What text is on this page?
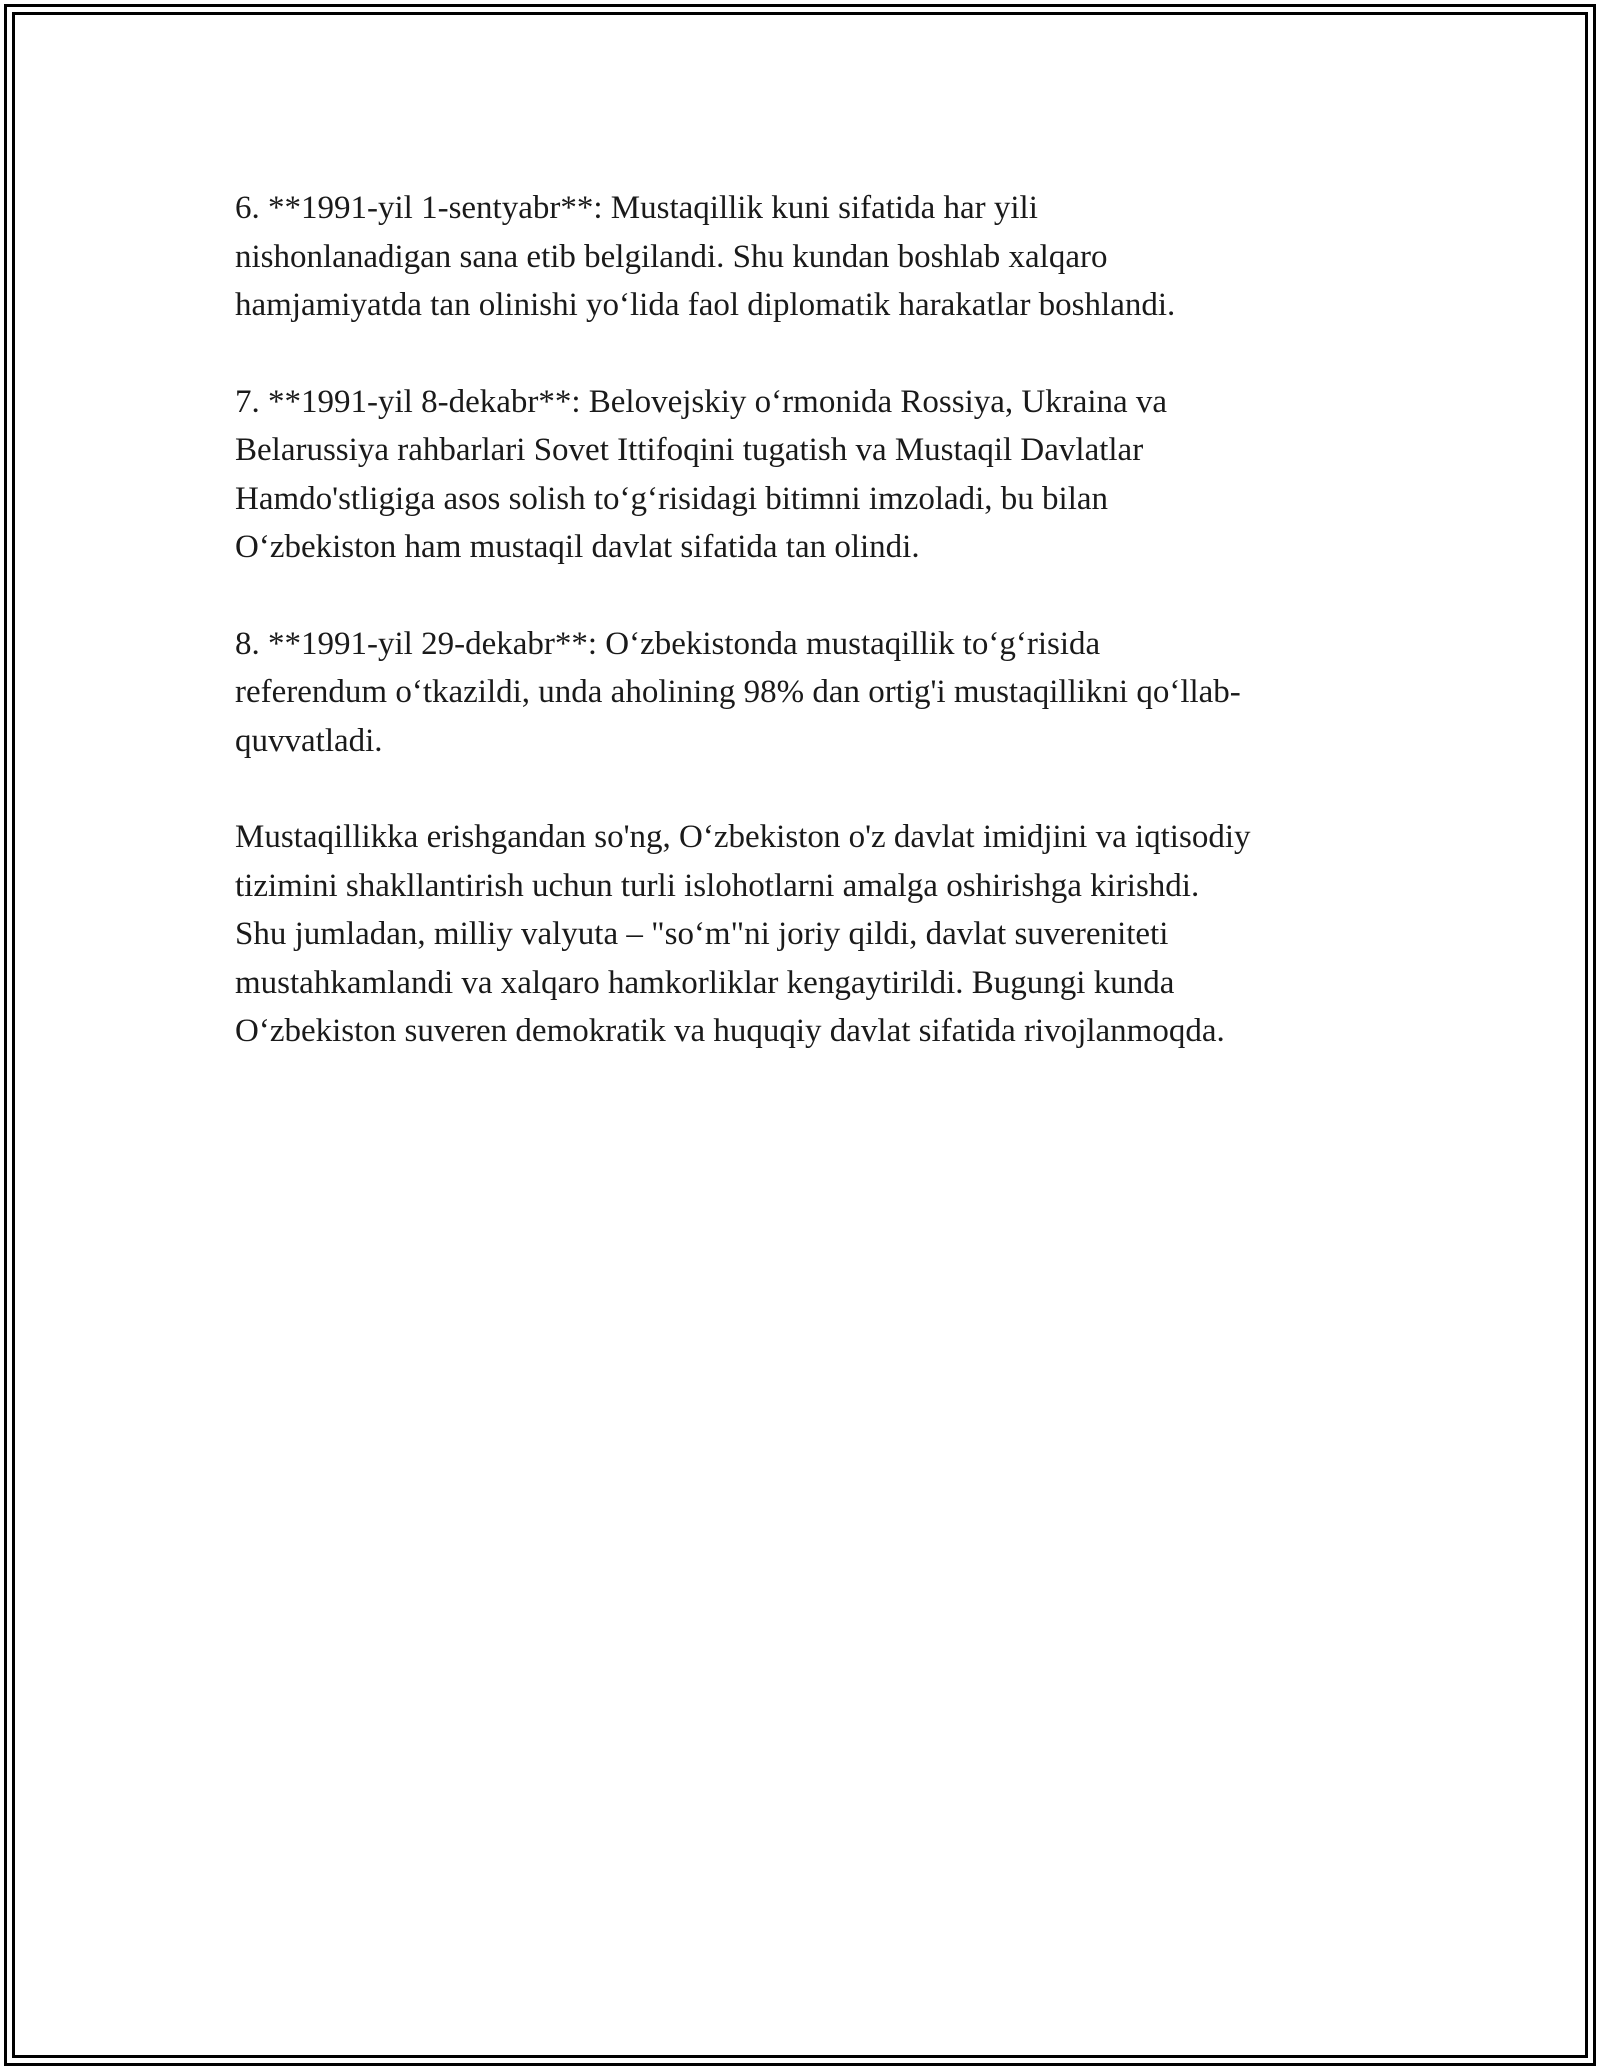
6. **1991-yil 1-sentyabr**: Mustaqillik kuni sifatida har yili
nishonlanadigan sana etib belgilandi. Shu kundan boshlab xalqaro
hamjamiyatda tan olinishi yoʻlida faol diplomatik harakatlar boshlandi.

7. **1991-yil 8-dekabr**: Belovejskiy oʻrmonida Rossiya, Ukraina va
Belarussiya rahbarlari Sovet Ittifoqini tugatish va Mustaqil Davlatlar
Hamdo'stligiga asos solish toʻgʻrisidagi bitimni imzoladi, bu bilan
Oʻzbekiston ham mustaqil davlat sifatida tan olindi.

8. **1991-yil 29-dekabr**: Oʻzbekistonda mustaqillik toʻgʻrisida
referendum oʻtkazildi, unda aholining 98% dan ortig'i mustaqillikni qoʻllab-
quvvatladi.

Mustaqillikka erishgandan so'ng, Oʻzbekiston o'z davlat imidjini va iqtisodiy
tizimini shakllantirish uchun turli islohotlarni amalga oshirishga kirishdi.
Shu jumladan, milliy valyuta – "soʻm"ni joriy qildi, davlat suvereniteti
mustahkamlandi va xalqaro hamkorliklar kengaytirildi. Bugungi kunda
Oʻzbekiston suveren demokratik va huquqiy davlat sifatida rivojlanmoqda.
